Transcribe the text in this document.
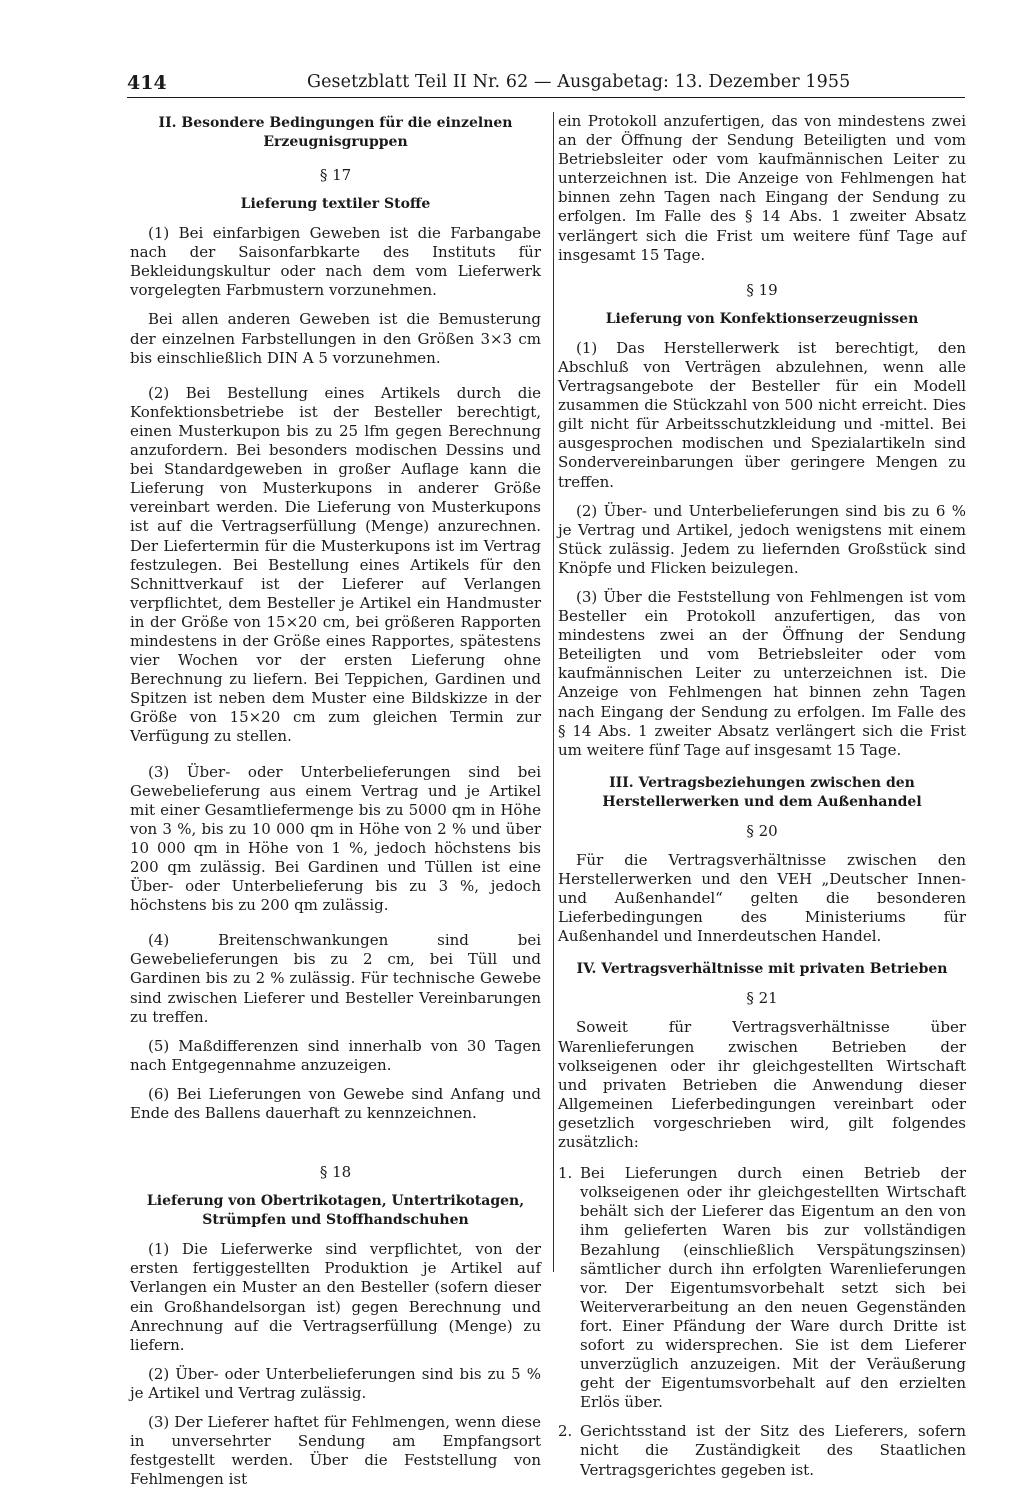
414	Gesetzblatt Teil II Nr. 62 — Ausgabetag: 13. Dezember 1955
II. Besondere Bedingungen für die einzelnen Erzeugnisgruppen
§ 17
Lieferung textiler Stoffe

(1) Bei einfarbigen Geweben ist die Farbangabe nach der Saisonfarbkarte des Instituts für Bekleidungskultur oder nach dem vom Lieferwerk vorgelegten Farbmustern vorzunehmen.

Bei allen anderen Geweben ist die Bemusterung der einzelnen Farbstellungen in den Größen 3×3 cm bis einschließlich DIN A 5 vorzunehmen.

(2) Bei Bestellung eines Artikels durch die Konfektionsbetriebe ist der Besteller berechtigt, einen Musterkupon bis zu 25 lfm gegen Berechnung anzufordern. Bei besonders modischen Dessins und bei Standardgeweben in großer Auflage kann die Lieferung von Musterkupons in anderer Größe vereinbart werden. Die Lieferung von Musterkupons ist auf die Vertragserfüllung (Menge) anzurechnen. Der Liefertermin für die Musterkupons ist im Vertrag festzulegen. Bei Bestellung eines Artikels für den Schnittverkauf ist der Lieferer auf Verlangen verpflichtet, dem Besteller je Artikel ein Handmuster in der Größe von 15×20 cm, bei größeren Rapporten mindestens in der Größe eines Rapportes, spätestens vier Wochen vor der ersten Lieferung ohne Berechnung zu liefern. Bei Teppichen, Gardinen und Spitzen ist neben dem Muster eine Bildskizze in der Größe von 15×20 cm zum gleichen Termin zur Verfügung zu stellen.

(3) Über- oder Unterbelieferungen sind bei Gewebelieferung aus einem Vertrag und je Artikel mit einer Gesamtliefermenge bis zu 5000 qm in Höhe von 3 %, bis zu 10 000 qm in Höhe von 2 % und über 10 000 qm in Höhe von 1 %, jedoch höchstens bis 200 qm zulässig. Bei Gardinen und Tüllen ist eine Über- oder Unterbelieferung bis zu 3 %, jedoch höchstens bis zu 200 qm zulässig.

(4) Breitenschwankungen sind bei Gewebelieferungen bis zu 2 cm, bei Tüll und Gardinen bis zu 2 % zulässig. Für technische Gewebe sind zwischen Lieferer und Besteller Vereinbarungen zu treffen.

(5) Maßdifferenzen sind innerhalb von 30 Tagen nach Entgegennahme anzuzeigen.

(6) Bei Lieferungen von Gewebe sind Anfang und Ende des Ballens dauerhaft zu kennzeichnen.

§ 18
Lieferung von Obertrikotagen, Untertrikotagen, Strümpfen und Stoffhandschuhen

(1) Die Lieferwerke sind verpflichtet, von der ersten fertiggestellten Produktion je Artikel auf Verlangen ein Muster an den Besteller (sofern dieser ein Großhandelsorgan ist) gegen Berechnung und Anrechnung auf die Vertragserfüllung (Menge) zu liefern.

(2) Über- oder Unterbelieferungen sind bis zu 5 % je Artikel und Vertrag zulässig.

(3) Der Lieferer haftet für Fehlmengen, wenn diese in unversehrter Sendung am Empfangsort festgestellt werden. Über die Feststellung von Fehlmengen ist

ein Protokoll anzufertigen, das von mindestens zwei an der Öffnung der Sendung Beteiligten und vom Betriebsleiter oder vom kaufmännischen Leiter zu unterzeichnen ist. Die Anzeige von Fehlmengen hat binnen zehn Tagen nach Eingang der Sendung zu erfolgen. Im Falle des § 14 Abs. 1 zweiter Absatz verlängert sich die Frist um weitere fünf Tage auf insgesamt 15 Tage.

§ 19
Lieferung von Konfektionserzeugnissen

(1) Das Herstellerwerk ist berechtigt, den Abschluß von Verträgen abzulehnen, wenn alle Vertragsangebote der Besteller für ein Modell zusammen die Stückzahl von 500 nicht erreicht. Dies gilt nicht für Arbeitsschutzkleidung und -mittel. Bei ausgesprochen modischen und Spezialartikeln sind Sondervereinbarungen über geringere Mengen zu treffen.

(2) Über- und Unterbelieferungen sind bis zu 6 % je Vertrag und Artikel, jedoch wenigstens mit einem Stück zulässig. Jedem zu liefernden Großstück sind Knöpfe und Flicken beizulegen.

(3) Über die Feststellung von Fehlmengen ist vom Besteller ein Protokoll anzufertigen, das von mindestens zwei an der Öffnung der Sendung Beteiligten und vom Betriebsleiter oder vom kaufmännischen Leiter zu unterzeichnen ist. Die Anzeige von Fehlmengen hat binnen zehn Tagen nach Eingang der Sendung zu erfolgen. Im Falle des § 14 Abs. 1 zweiter Absatz verlängert sich die Frist um weitere fünf Tage auf insgesamt 15 Tage.

III. Vertragsbeziehungen zwischen den Herstellerwerken und dem Außenhandel
§ 20

Für die Vertragsverhältnisse zwischen den Herstellerwerken und den VEH „Deutscher Innen- und Außenhandel“ gelten die besonderen Lieferbedingungen des Ministeriums für Außenhandel und Innerdeutschen Handel.

IV. Vertragsverhältnisse mit privaten Betrieben
§ 21

Soweit für Vertragsverhältnisse über Warenlieferungen zwischen Betrieben der volkseigenen oder ihr gleichgestellten Wirtschaft und privaten Betrieben die Anwendung dieser Allgemeinen Lieferbedingungen vereinbart oder gesetzlich vorgeschrieben wird, gilt folgendes zusätzlich:

1. Bei Lieferungen durch einen Betrieb der volkseigenen oder ihr gleichgestellten Wirtschaft behält sich der Lieferer das Eigentum an den von ihm gelieferten Waren bis zur vollständigen Bezahlung (einschließlich Verspätungszinsen) sämtlicher durch ihn erfolgten Warenlieferungen vor. Der Eigentumsvorbehalt setzt sich bei Weiterverarbeitung an den neuen Gegenständen fort. Einer Pfändung der Ware durch Dritte ist sofort zu widersprechen. Sie ist dem Lieferer unverzüglich anzuzeigen. Mit der Veräußerung geht der Eigentumsvorbehalt auf den erzielten Erlös über.
2. Gerichtsstand ist der Sitz des Lieferers, sofern nicht die Zuständigkeit des Staatlichen Vertragsgerichtes gegeben ist.
